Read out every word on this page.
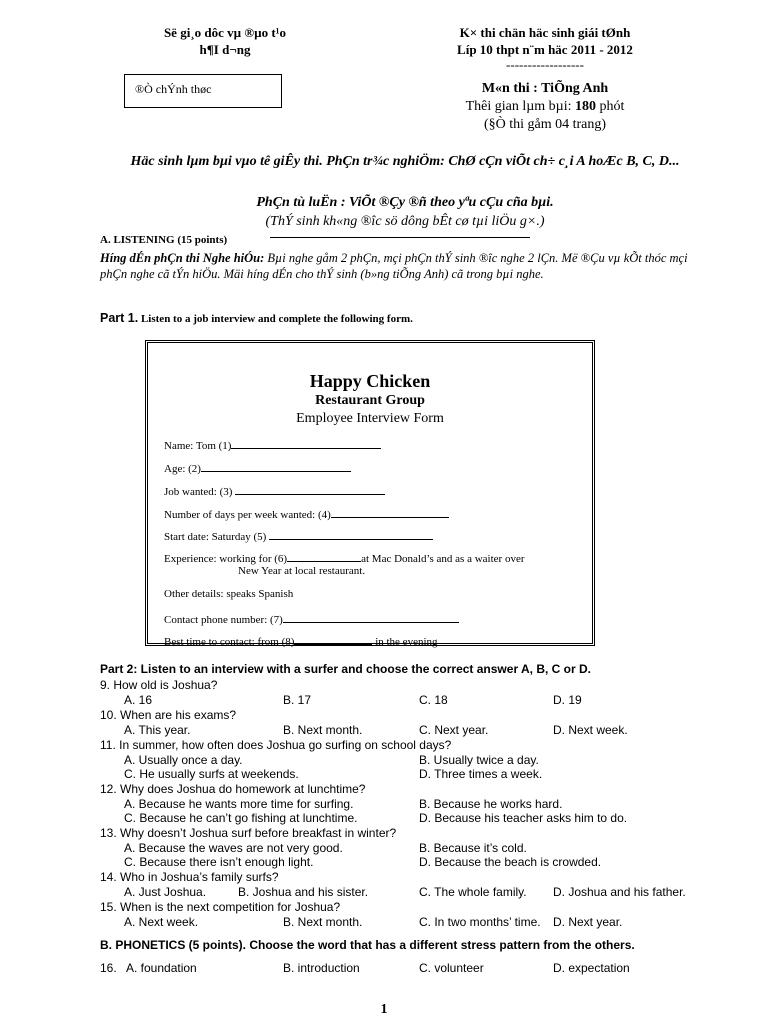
Së gi¸o dôc vµ ®µo t¹o
h¶I d¬ng
K× thi chän häc sinh giái tØnh
Líp 10 thpt n¨m häc 2011 - 2012
------------------
®Ò chÝnh thøc	M«n thi : TiÕng Anh
Thêi gian lµm bµi: 180 phót
(§Ò thi gåm 04 trang)
Häc sinh lµm bµi vµo tê giÊy thi. PhÇn tr¾c nghiÖm: ChØ cÇn viÕt ch÷ c¸i A hoÆc B, C, D...
PhÇn tù luËn : ViÕt ®Çy ®ñ theo yªu cÇu cña bµi.
(ThÝ sinh kh«ng ®îc sö dông bÊt cø tµi liÖu g×.)
A. LISTENING (15 points)
Híng dÉn phÇn thi Nghe hiÓu: Bµi nghe gåm 2 phÇn, mçi phÇn thÝ sinh ®îc nghe 2 lÇn. Më ®Çu vµ kÕt thóc mçi phÇn nghe cã tÝn hiÖu. Mäi híng dÉn cho thÝ sinh (b»ng tiÕng Anh) cã trong bµi nghe.
Part 1. Listen to a job interview and complete the following form.
Happy Chicken
Restaurant Group
Employee Interview Form
Name: Tom (1)
Age: (2)
Job wanted: (3)
Number of days per week wanted: (4)
Start date: Saturday (5)
Experience: working for (6)	at Mac Donald’s and as a waiter over
New Year at local restaurant.
Other details: speaks Spanish
Contact phone number: (7)
Best time to contact: from (8)	in the evening
Part 2: Listen to an interview with a surfer and choose the correct answer A, B, C or D.
9. How old is Joshua?
A. 16	B. 17	C. 18	D. 19
10. When are his exams?
A. This year.	B. Next month.	C. Next year.	D. Next week.
11. In summer, how often does Joshua go surfing on school days?
A. Usually once a day.	B. Usually twice a day.
C. He usually surfs at weekends.	D. Three times a week.
12. Why does Joshua do homework at lunchtime?
A. Because he wants more time for surfing.	B. Because he works hard.
C. Because he can’t go fishing at lunchtime.	D. Because his teacher asks him to do.
13. Why doesn’t Joshua surf before breakfast in winter?
A. Because the waves are not very good.	B. Because it’s cold.
C. Because there isn’t enough light.	D. Because the beach is crowded.
14. Who in Joshua’s family surfs?
A. Just Joshua.	B. Joshua and his sister.	C. The whole family. D. Joshua and his father.
15. When is the next competition for Joshua?
A. Next week.	B. Next month.	C. In two months’ time. D. Next year.
B. PHONETICS (5 points). Choose the word that has a different stress pattern from the others.
16. A. foundation	B. introduction	C. volunteer	D. expectation
1
